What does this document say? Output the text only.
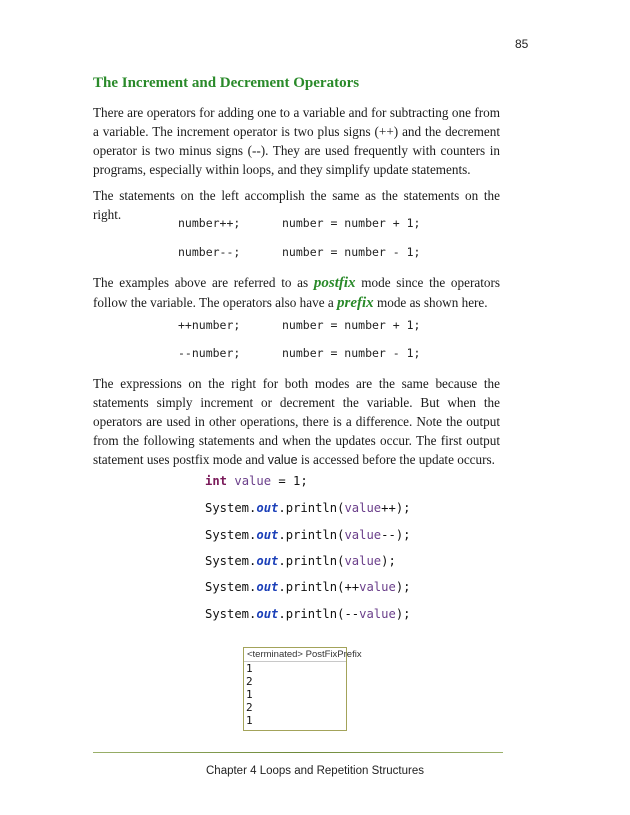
85
The Increment and Decrement Operators
There are operators for adding one to a variable and for subtracting one from a variable. The increment operator is two plus signs (++) and the decrement operator is two minus signs (--). They are used frequently with counters in programs, especially within loops, and they simplify update statements.
The statements on the left accomplish the same as the statements on the right.
number++;	number = number + 1;
number--;	number = number - 1;
The examples above are referred to as postfix mode since the operators follow the variable. The operators also have a prefix mode as shown here.
++number;	number = number + 1;
--number;	number = number - 1;
The expressions on the right for both modes are the same because the statements simply increment or decrement the variable. But when the operators are used in other operations, there is a difference. Note the output from the following statements and when the updates occur. The first output statement uses postfix mode and value is accessed before the update occurs.
int value = 1;
System.out.println(value++);
System.out.println(value--);
System.out.println(value);
System.out.println(++value);
System.out.println(--value);
<terminated> PostFixPrefix
1
2
1
2
1
Chapter 4 Loops and Repetition Structures
